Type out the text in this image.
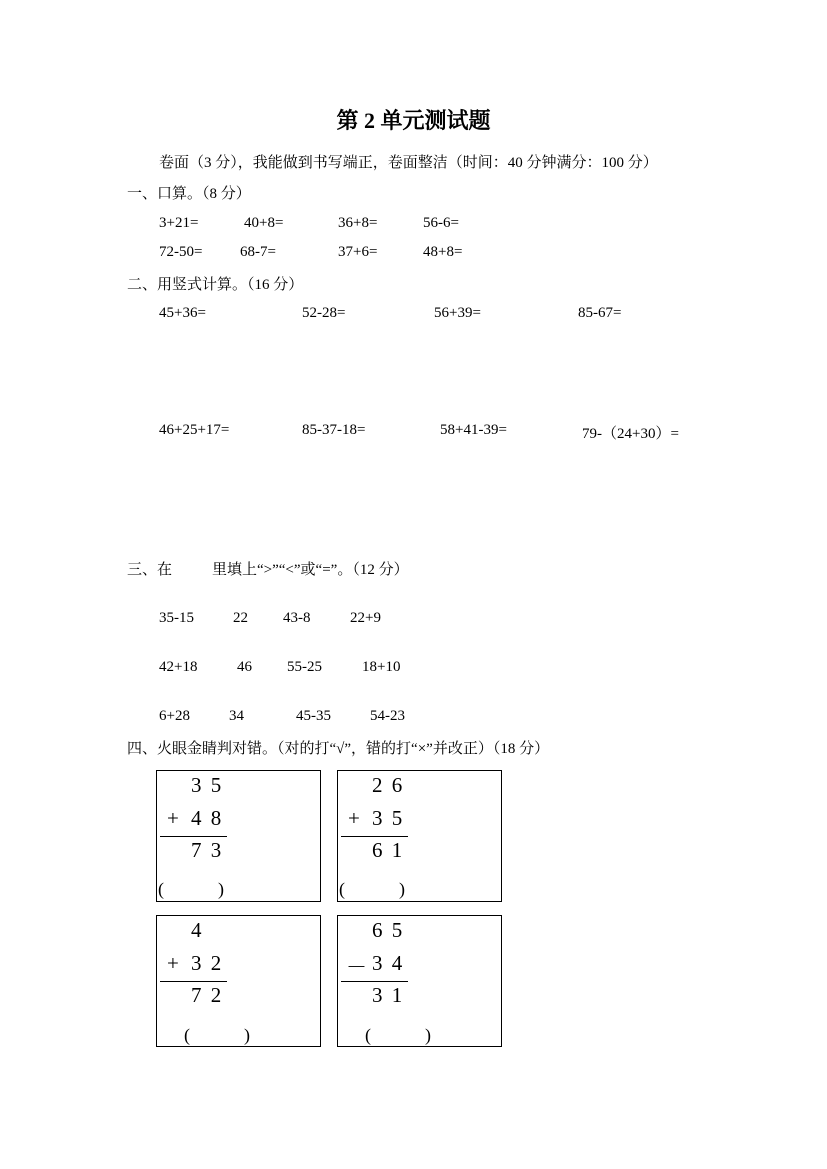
第 2 单元测试题
卷面（3 分），我能做到书写端正，卷面整洁（时间：40 分钟满分：100 分）
一、口算。（8 分）
3+21=	40+8=	36+8=	56-6=
72-50=	68-7=	37+6=	48+8=
二、用竖式计算。（16 分）
45+36=	52-28=	56+39=	85-67=
46+25+17=	85-37-18=	58+41-39=	79-（24+30）=
三、在	里填上“>”“<”或“=”。（12 分）
35-15	22 43-8	22+9
42+18	46 55-25	18+10
6+28	34	45-35	54-23
四、火眼金睛判对错。（对的打“√”，错的打“×”并改正）（18 分）
3 5
+ 4 8
7 3
(　　　)
2 6
+ 3 5
6 1
(　　　)
4
+ 3 2
7 2
(　　　)
6 5
－ 3 4
3 1
(　　　)
